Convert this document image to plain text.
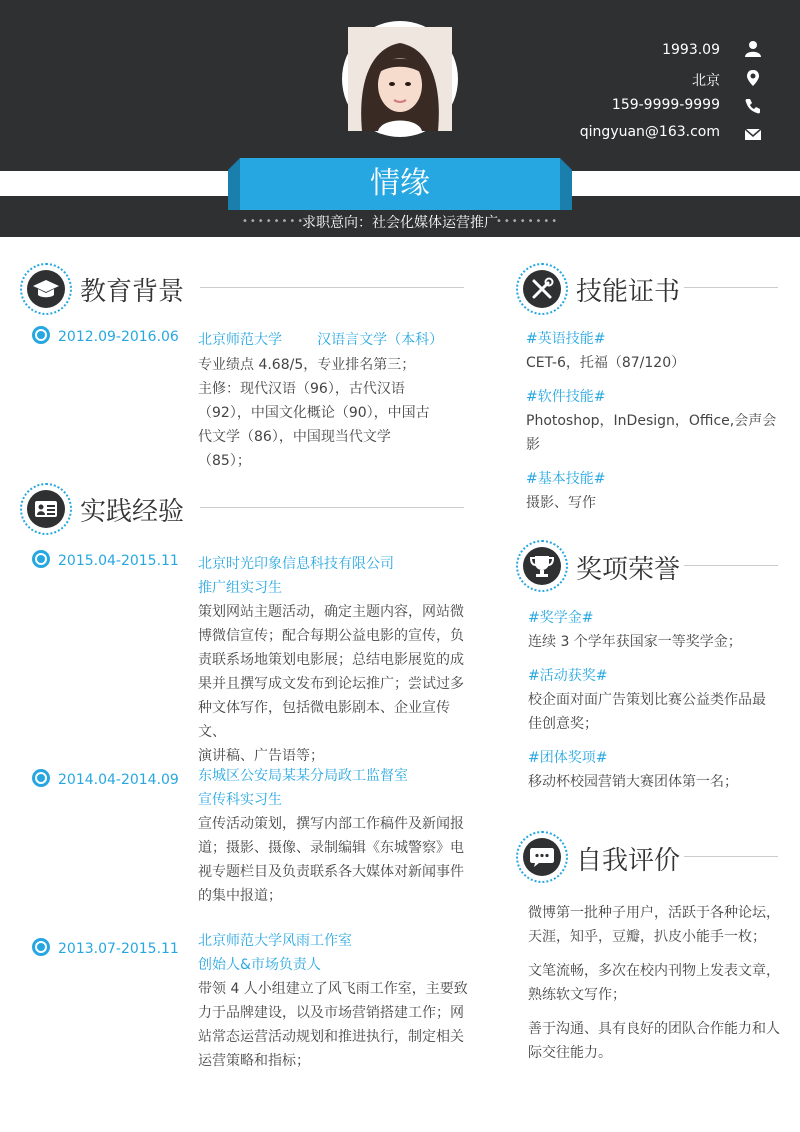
情缘
求职意向：社会化媒体运营推广
••••••••	••••••••
1993.09
北京
159-9999-9999
qingyuan@163.com
教育背景
2012.09-2016.06 北京师范大学	汉语言文学（本科）
专业绩点 4.68/5，专业排名第三；
主修：现代汉语（96），古代汉语
（92），中国文化概论（90），中国古
代文学（86），中国现当代文学
（85）；
实践经验
2015.04-2015.11 北京时光印象信息科技有限公司
推广组实习生
策划网站主题活动，确定主题内容，网站微
博微信宣传；配合每期公益电影的宣传，负
责联系场地策划电影展；总结电影展览的成
果并且撰写成文发布到论坛推广；尝试过多
种文体写作，包括微电影剧本、企业宣传文、
演讲稿、广告语等；
2014.04-2014.09 东城区公安局某某分局政工监督室
宣传科实习生
宣传活动策划，撰写内部工作稿件及新闻报
道；摄影、摄像、录制编辑《东城警察》电
视专题栏目及负责联系各大媒体对新闻事件
的集中报道；
2013.07-2015.11 北京师范大学风雨工作室
创始人&市场负责人
带领 4 人小组建立了风飞雨工作室，主要致
力于品牌建设，以及市场营销搭建工作；网
站常态运营活动规划和推进执行，制定相关
运营策略和指标；
技能证书
#英语技能#
CET-6，托福（87/120）
#软件技能#
Photoshop，InDesign，Office,会声会
影
#基本技能#
摄影、写作
奖项荣誉
#奖学金#
连续 3 个学年获国家一等奖学金；
#活动获奖#
校企面对面广告策划比赛公益类作品最
佳创意奖；
#团体奖项#
移动杯校园营销大赛团体第一名；
自我评价
微博第一批种子用户，活跃于各种论坛，
天涯，知乎，豆瓣，扒皮小能手一枚；
文笔流畅，多次在校内刊物上发表文章，
熟练软文写作；
善于沟通、具有良好的团队合作能力和人
际交往能力。
